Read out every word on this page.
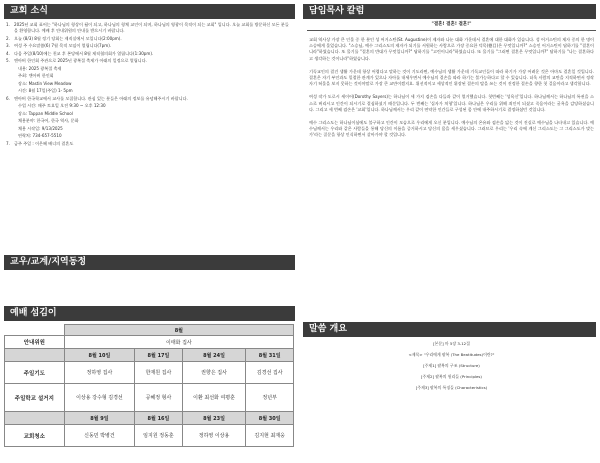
교회 소식
1. 2025년 교회 표어는 "하나님의 형상이 됨이 되고, 하나님의 형체 교인이 되며, 하나님의 영광이 목적이 되는 교회" 입니다. 오늘 교회를 방문하신 모든 분들을 환영합니다. 예배 후 안내위원의 안내를 받으시기 바랍니다.
2. 오늘 (8/3) 8월 정기 당회는 제직실에서 모입니다(2:00pm).
3. 여성 주 수요말씀(6) 7월 목적 모임이 열립니다(7pm).
4. 다음 주일(8/10)에는 친교 후 본당에서 8월 제직협의회가 열립니다(1:30pm).
5. 앤아버 한인회 주관으로 2025년 광복절 축제가 아래의 일정으로 열립니다.
내용: 2025 광복절 축제
주최: 앤아버 한인회
장소: Mastin View Meadow
시간: 8월 17일(주일) 1- 5pm
6. 앤아버 한국학교에서 교사를 모집합니다. 관심 있는 분들은 아래의 정보를 유념해주시기 바랍니다.
수업 시간: 매주 토요일 오전 9:30 ~ 오후 12:30
장소: Tappan Middle School
채용분야: 한국어, 한국 역사, 문화
채용 시작일: 9/13/2025
연락처: 734-657-5510
7. 금주 주일 : 이은혜 배너의 결혼도
교우/교계/지역동정
예배 섬김이
	8월			
안내위원	이태화 집사			
	8월 10일	8월 17일	8월 24일	8월 31일
주일기도	정하영 집사	한재원 집사	권향은 집사	김경선 집사
주일학교 설거지	이상용 강수형 김경선	공혜정 형사	이환 최선화 여평훈	정년부
	8월 9일	8월 16일	8월 23일	8월 30일
교회청소	신동민 박병건	임지원 정동훈	정하영 이상용	김지현 최재웅
담임목사 칼럼
"결혼! 결혼! 결혼!"

교회 역사상 가장 큰 인물 중 한 분인 성 어거스틴(St. Augustine)이 제자와 나눈 대화 가운데서 결혼에 대한 대화가 있습니다. 성 어거스틴의 제자 중의 한 명이 스승에게 물었습니다. "스승님, 예수 그리스도의 제자가 되기를 서원하는 사람으로 가장 중요한 덕목(德目)은 무엇입니까?" 스승인 어거스틴이 답하기를 "결혼이니라"하였습니다. 또 물기를 "결혼의 반대가 무엇입니까?" 답하기를 "고린이니라"하였습니다. 또 물기를 "그러면 결혼은 무엇입니까?" 답하기를 "나는 결혼하다고 생각하는 것이니라"하였습니다.

기독교인의 결건 생활 가운데 항상 어렵다고 말하는 것이 기도라면, 예수님의 생활 가운데 기독교인들이 따라 하기가 가장 어려운 것은 아마도 결혼일 것입니다. 결혼은 자기 부인과도 밀접한 관계가 있으나 자아를 내세우면서 예수님의 결손을 따라 하기는 불가능하다고 할 수 있습니다. 더욱 사람의 교만을 지적하면서 정작 자기 허물을 보지 못하는 것이야말로 가장 큰 교만이겠지요. 위선적이고 세상적인 위장된 결손의 탈을 쓰는 것이 진정한 결손을 향한 첫 걸음이라고 생각합니다.

여성 작가 도로시 세이어(Dorothy Sayers)는 하나님이 세 가지 겸손을 다들과 같이 열거했습니다. 첫번째는 '성육신'입니다. 하나님께서는 하나님의 특권을 스스로 버리시고 인간이 되시기로 결심하셨기 때문입니다. 두 번째는 '십자가 처형'입니다. 하나님은 우리를 위해 죄인이 되셨고 죽음이라는 굴욕을 감당하셨습니다. 그리고 세 번째 겸손은 '교회'입니다. 하나님께서는 우리 같이 연약한 인간들로 구성된 몸 안에 내주하시기로 결정하셨던 것입니다.

예수 그리스도는 하나님이심에도 불구하고 인간이 모습으로 우리에게 오신 분입니다. 예수님의 온유와 겸손을 닮는 것이 진실로 예수님을 나타내고 있습니다. 예수님께서는 우리와 같은 사람들을 통해 당신의 이름을 증거하시고 당신의 몸을 세우셨습니다. 그러므로 우리는 '우리 속에 계신 그리스도는 그 그리스도가 맞는가'라는 질문을 항상 인식하면서 살아가야 할 것입니다.

말씀 개요
[본문] 마 5장 3-12절
<제목> "우리에게 팔복 (The Beatitudes)이란?"
[주제1] 팔복의 구조 (Structure)
[주제2] 팔복의 원리들 (Principles)
[주제3] 팔복의 특징들 (Characteristics)
